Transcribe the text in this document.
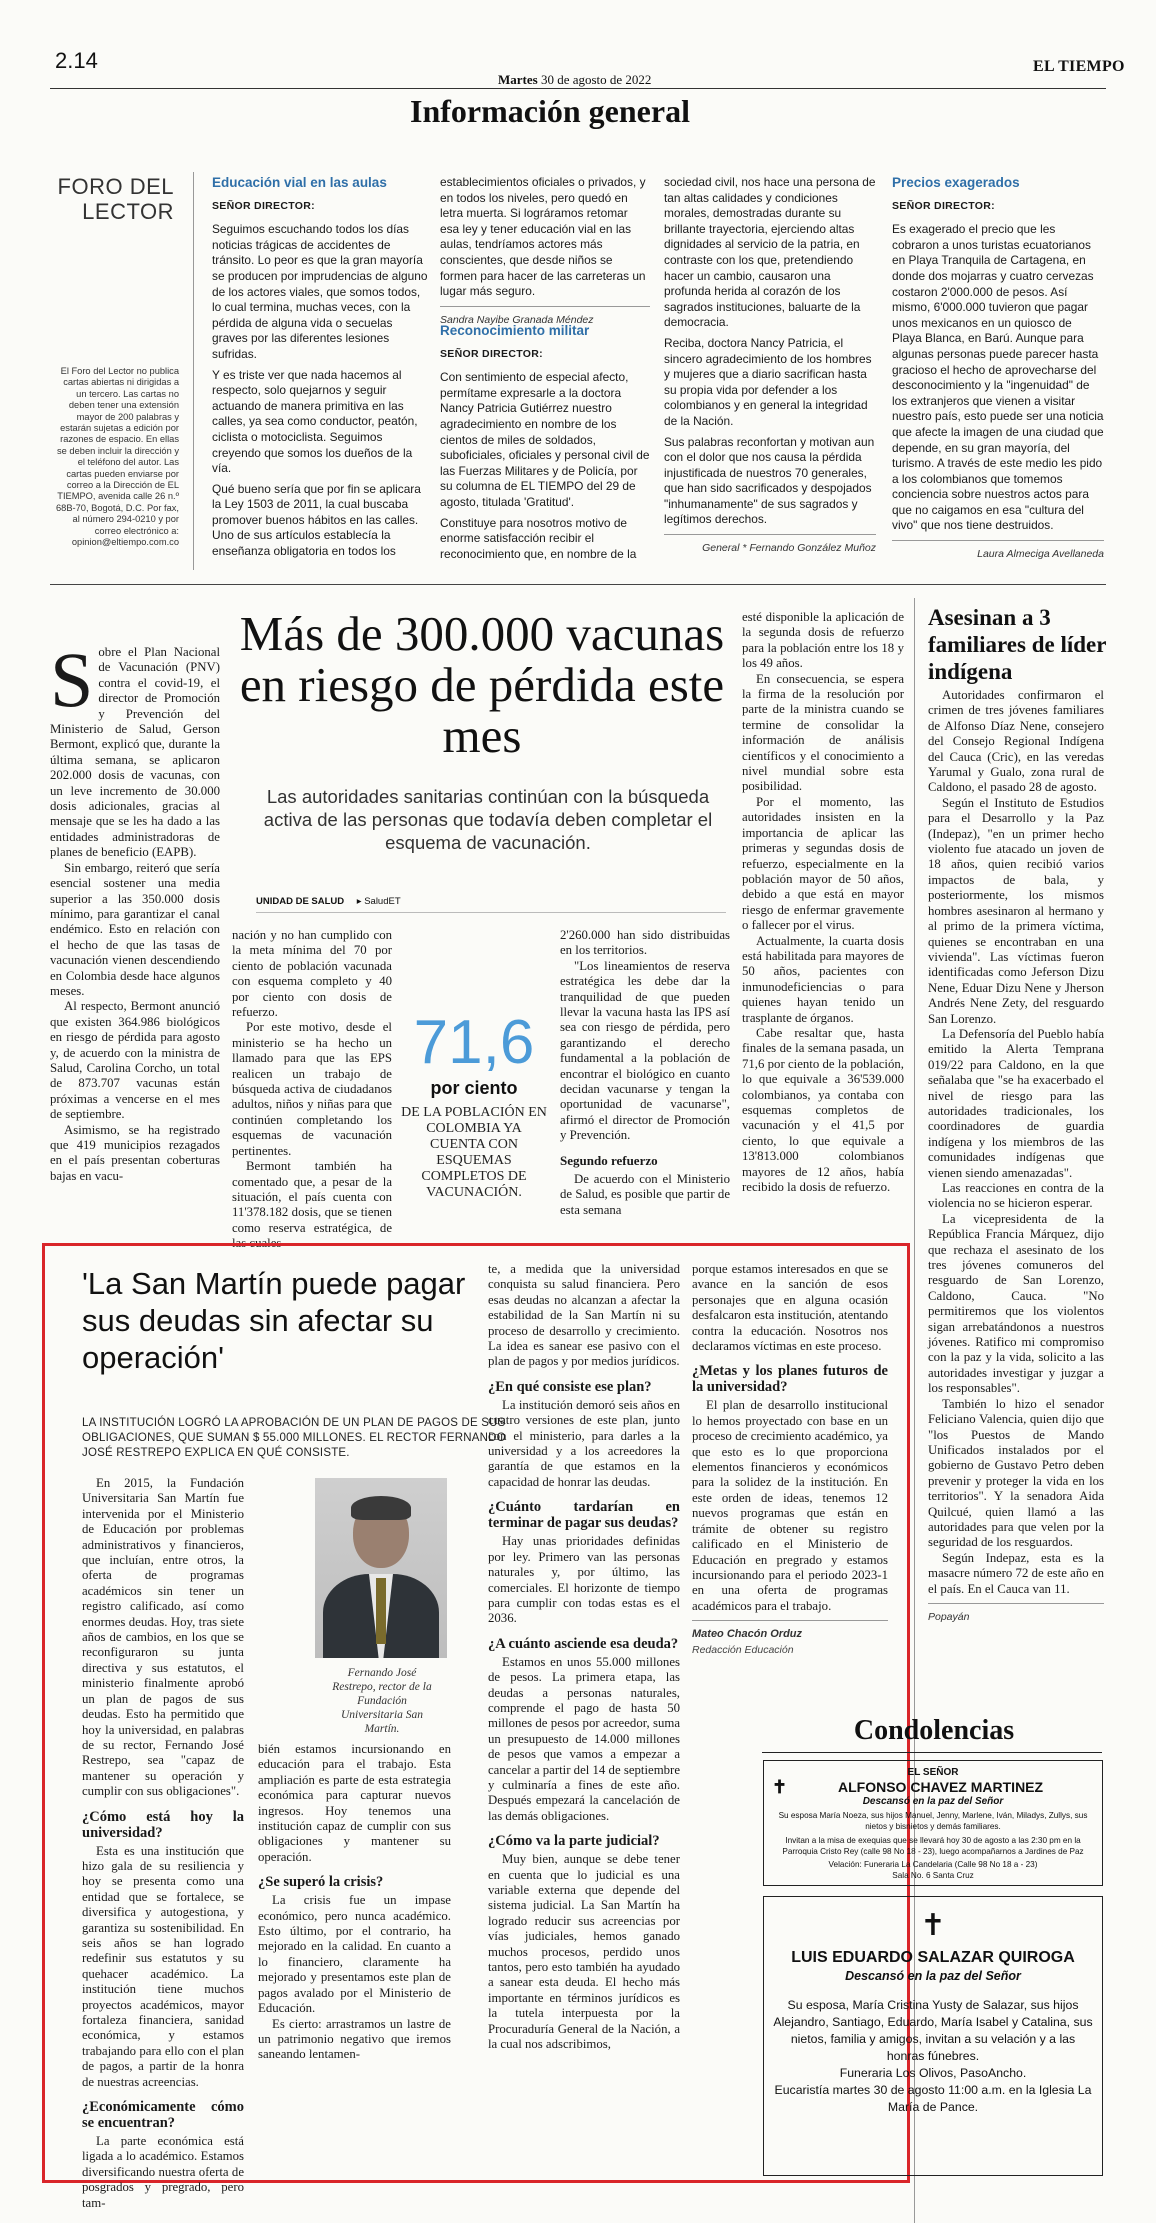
2.14
Martes 30 de agosto de 2022
EL TIEMPO
Información general
FORO DEL
LECTOR
El Foro del Lector no publica cartas abiertas ni dirigidas a un tercero. Las cartas no deben tener una extensión mayor de 200 palabras y estarán sujetas a edición por razones de espacio. En ellas se deben incluir la dirección y el teléfono del autor. Las cartas pueden enviarse por correo a la Dirección de EL TIEMPO, avenida calle 26 n.º 68B-70, Bogotá, D.C. Por fax, al número 294-0210 y por correo electrónico a: opinion@eltiempo.com.co
Educación vial en las aulas
SEÑOR DIRECTOR:

Seguimos escuchando todos los días noticias trágicas de accidentes de tránsito. Lo peor es que la gran mayoría se producen por imprudencias de alguno de los actores viales, que somos todos, lo cual termina, muchas veces, con la pérdida de alguna vida o secuelas graves por las diferentes lesiones sufridas.

Y es triste ver que nada hacemos al respecto, solo quejarnos y seguir actuando de manera primitiva en las calles, ya sea como conductor, peatón, ciclista o motociclista. Seguimos creyendo que somos los dueños de la vía.

Qué bueno sería que por fin se aplicara la Ley 1503 de 2011, la cual buscaba promover buenos hábitos en las calles. Uno de sus artículos establecía la enseñanza obligatoria en todos los

establecimientos oficiales o privados, y en todos los niveles, pero quedó en letra muerta. Si lográramos retomar esa ley y tener educación vial en las aulas, tendríamos actores más conscientes, que desde niños se formen para hacer de las carreteras un lugar más seguro.

Sandra Nayibe Granada Méndez
Reconocimiento militar
SEÑOR DIRECTOR:

Con sentimiento de especial afecto, permítame expresarle a la doctora Nancy Patricia Gutiérrez nuestro agradecimiento en nombre de los cientos de miles de soldados, suboficiales, oficiales y personal civil de las Fuerzas Militares y de Policía, por su columna de EL TIEMPO del 29 de agosto, titulada 'Gratitud'.

Constituye para nosotros motivo de enorme satisfacción recibir el reconocimiento que, en nombre de la

sociedad civil, nos hace una persona de tan altas calidades y condiciones morales, demostradas durante su brillante trayectoria, ejerciendo altas dignidades al servicio de la patria, en contraste con los que, pretendiendo hacer un cambio, causaron una profunda herida al corazón de los sagrados instituciones, baluarte de la democracia.

Reciba, doctora Nancy Patricia, el sincero agradecimiento de los hombres y mujeres que a diario sacrifican hasta su propia vida por defender a los colombianos y en general la integridad de la Nación.

Sus palabras reconfortan y motivan aun con el dolor que nos causa la pérdida injustificada de nuestros 70 generales, que han sido sacrificados y despojados "inhumanamente" de sus sagrados y legítimos derechos.

General * Fernando González Muñoz
Precios exagerados
SEÑOR DIRECTOR:

Es exagerado el precio que les cobraron a unos turistas ecuatorianos en Playa Tranquila de Cartagena, en donde dos mojarras y cuatro cervezas costaron 2'000.000 de pesos. Así mismo, 6'000.000 tuvieron que pagar unos mexicanos en un quiosco de Playa Blanca, en Barú. Aunque para algunas personas puede parecer hasta gracioso el hecho de aprovecharse del desconocimiento y la "ingenuidad" de los extranjeros que vienen a visitar nuestro país, esto puede ser una noticia que afecte la imagen de una ciudad que depende, en su gran mayoría, del turismo. A través de este medio les pido a los colombianos que tomemos conciencia sobre nuestros actos para que no caigamos en esa "cultura del vivo" que nos tiene destruidos.

Laura Almeciga Avellaneda
S obre el Plan Nacional de Vacunación (PNV) contra el covid-19, el director de Promoción y Prevención del Ministerio de Salud, Gerson Bermont, explicó que, durante la última semana, se aplicaron 202.000 dosis de vacunas, con un leve incremento de 30.000 dosis adicionales, gracias al mensaje que se les ha dado a las entidades administradoras de planes de beneficio (EAPB).

Sin embargo, reiteró que sería esencial sostener una media superior a las 350.000 dosis mínimo, para garantizar el canal endémico. Esto en relación con el hecho de que las tasas de vacunación vienen descendiendo en Colombia desde hace algunos meses.

Al respecto, Bermont anunció que existen 364.986 biológicos en riesgo de pérdida para agosto y, de acuerdo con la ministra de Salud, Carolina Corcho, un total de 873.707 vacunas están próximas a vencerse en el mes de septiembre.

Asimismo, se ha registrado que 419 municipios rezagados en el país presentan coberturas bajas en vacu-

Más de 300.000 vacunas en riesgo de pérdida este mes
Las autoridades sanitarias continúan con la búsqueda activa de las personas que todavía deben completar el esquema de vacunación.
UNIDAD DE SALUD ▸ SaludET

nación y no han cumplido con la meta mínima del 70 por ciento de población vacunada con esquema completo y 40 por ciento con dosis de refuerzo.

Por este motivo, desde el ministerio se ha hecho un llamado para que las EPS realicen un trabajo de búsqueda activa de ciudadanos adultos, niños y niñas para que continúen completando los esquemas de vacunación pertinentes.

Bermont también ha comentado que, a pesar de la situación, el país cuenta con 11'378.182 dosis, que se tienen como reserva estratégica, de las cuales

71,6
por ciento
DE LA POBLACIÓN EN COLOMBIA YA CUENTA CON ESQUEMAS COMPLETOS DE VACUNACIÓN.

2'260.000 han sido distribuidas en los territorios.

"Los lineamientos de reserva estratégica les debe dar la tranquilidad de que pueden llevar la vacuna hasta las IPS así sea con riesgo de pérdida, pero garantizando el derecho fundamental a la población de encontrar el biológico en cuanto decidan vacunarse y tengan la oportunidad de vacunarse", afirmó el director de Promoción y Prevención.

Segundo refuerzo

De acuerdo con el Ministerio de Salud, es posible que partir de esta semana

esté disponible la aplicación de la segunda dosis de refuerzo para la población entre los 18 y los 49 años.

En consecuencia, se espera la firma de la resolución por parte de la ministra cuando se termine de consolidar la información de análisis científicos y el conocimiento a nivel mundial sobre esta posibilidad.

Por el momento, las autoridades insisten en la importancia de aplicar las primeras y segundas dosis de refuerzo, especialmente en la población mayor de 50 años, debido a que está en mayor riesgo de enfermar gravemente o fallecer por el virus.

Actualmente, la cuarta dosis está habilitada para mayores de 50 años, pacientes con inmunodeficiencias o para quienes hayan tenido un trasplante de órganos.

Cabe resaltar que, hasta finales de la semana pasada, un 71,6 por ciento de la población, lo que equivale a 36'539.000 colombianos, ya contaba con esquemas completos de vacunación y el 41,5 por ciento, lo que equivale a 13'813.000 colombianos mayores de 12 años, había recibido la dosis de refuerzo.

Asesinan a 3 familiares de líder indígena

Autoridades confirmaron el crimen de tres jóvenes familiares de Alfonso Díaz Nene, consejero del Consejo Regional Indígena del Cauca (Cric), en las veredas Yarumal y Gualo, zona rural de Caldono, el pasado 28 de agosto.

Según el Instituto de Estudios para el Desarrollo y la Paz (Indepaz), "en un primer hecho violento fue atacado un joven de 18 años, quien recibió varios impactos de bala, y posteriormente, los mismos hombres asesinaron al hermano y al primo de la primera víctima, quienes se encontraban en una vivienda". Las víctimas fueron identificadas como Jeferson Dizu Nene, Eduar Dizu Nene y Jherson Andrés Nene Zety, del resguardo San Lorenzo.

La Defensoría del Pueblo había emitido la Alerta Temprana 019/22 para Caldono, en la que señalaba que "se ha exacerbado el nivel de riesgo para las autoridades tradicionales, los coordinadores de guardia indígena y los miembros de las comunidades indígenas que vienen siendo amenazadas".

Las reacciones en contra de la violencia no se hicieron esperar.

La vicepresidenta de la República Francia Márquez, dijo que rechaza el asesinato de los tres jóvenes comuneros del resguardo de San Lorenzo, Caldono, Cauca. "No permitiremos que los violentos sigan arrebatándonos a nuestros jóvenes. Ratifico mi compromiso con la paz y la vida, solicito a las autoridades investigar y juzgar a los responsables".

También lo hizo el senador Feliciano Valencia, quien dijo que "los Puestos de Mando Unificados instalados por el gobierno de Gustavo Petro deben prevenir y proteger la vida en los territorios". Y la senadora Aida Quilcué, quien llamó a las autoridades para que velen por la seguridad de los resguardos.

Según Indepaz, esta es la masacre número 72 de este año en el país. En el Cauca van 11.

Popayán
'La San Martín puede pagar sus deudas sin afectar su operación'
LA INSTITUCIÓN LOGRÓ LA APROBACIÓN DE UN PLAN DE PAGOS DE SUS OBLIGACIONES, QUE SUMAN $ 55.000 MILLONES. EL RECTOR FERNANDO JOSÉ RESTREPO EXPLICA EN QUÉ CONSISTE.

En 2015, la Fundación Universitaria San Martín fue intervenida por el Ministerio de Educación por problemas administrativos y financieros, que incluían, entre otros, la oferta de programas académicos sin tener un registro calificado, así como enormes deudas. Hoy, tras siete años de cambios, en los que se reconfiguraron su junta directiva y sus estatutos, el ministerio finalmente aprobó un plan de pagos de sus deudas. Esto ha permitido que hoy la universidad, en palabras de su rector, Fernando José Restrepo, sea "capaz de mantener su operación y cumplir con sus obligaciones".

¿Cómo está hoy la universidad?

Esta es una institución que hizo gala de su resiliencia y hoy se presenta como una entidad que se fortalece, se diversifica y autogestiona, y garantiza su sostenibilidad. En seis años se han logrado redefinir sus estatutos y su quehacer académico. La institución tiene muchos proyectos académicos, mayor fortaleza financiera, sanidad económica, y estamos trabajando para ello con el plan de pagos, a partir de la honra de nuestras acreencias.

¿Económicamente cómo se encuentran?

La parte económica está ligada a lo académico. Estamos diversificando nuestra oferta de posgrados y pregrado, pero tam-

Fernando José Restrepo, rector de la Fundación Universitaria San Martín.

bién estamos incursionando en educación para el trabajo. Esta ampliación es parte de esta estrategia económica para capturar nuevos ingresos. Hoy tenemos una institución capaz de cumplir con sus obligaciones y mantener su operación.

¿Se superó la crisis?

La crisis fue un impase económico, pero nunca académico. Esto último, por el contrario, ha mejorado en la calidad. En cuanto a lo financiero, claramente ha mejorado y presentamos este plan de pagos avalado por el Ministerio de Educación.

Es cierto: arrastramos un lastre de un patrimonio negativo que iremos saneando lentamen-

te, a medida que la universidad conquista su salud financiera. Pero esas deudas no alcanzan a afectar la estabilidad de la San Martín ni su proceso de desarrollo y crecimiento. La idea es sanear ese pasivo con el plan de pagos y por medios jurídicos.

¿En qué consiste ese plan?

La institución demoró seis años en cuatro versiones de este plan, junto con el ministerio, para darles a la universidad y a los acreedores la garantía de que estamos en la capacidad de honrar las deudas.

¿Cuánto tardarían en terminar de pagar sus deudas?

Hay unas prioridades definidas por ley. Primero van las personas naturales y, por último, las comerciales. El horizonte de tiempo para cumplir con todas estas es el 2036.

¿A cuánto asciende esa deuda?

Estamos en unos 55.000 millones de pesos. La primera etapa, las deudas a personas naturales, comprende el pago de hasta 50 millones de pesos por acreedor, suma un presupuesto de 14.000 millones de pesos que vamos a empezar a cancelar a partir del 14 de septiembre y culminaría a fines de este año. Después empezará la cancelación de las demás obligaciones.

¿Cómo va la parte judicial?

Muy bien, aunque se debe tener en cuenta que lo judicial es una variable externa que depende del sistema judicial. La San Martín ha logrado reducir sus acreencias por vías judiciales, hemos ganado muchos procesos, perdido unos tantos, pero esto también ha ayudado a sanear esta deuda. El hecho más importante en términos jurídicos es la tutela interpuesta por la Procuraduría General de la Nación, a la cual nos adscribimos,

porque estamos interesados en que se avance en la sanción de esos personajes que en alguna ocasión desfalcaron esta institución, atentando contra la educación. Nosotros nos declaramos víctimas en este proceso.

¿Metas y los planes futuros de la universidad?

El plan de desarrollo institucional lo hemos proyectado con base en un proceso de crecimiento académico, ya que esto es lo que proporciona elementos financieros y económicos para la solidez de la institución. En este orden de ideas, tenemos 12 nuevos programas que están en trámite de obtener su registro calificado en el Ministerio de Educación en pregrado y estamos incursionando para el periodo 2023-1 en una oferta de programas académicos para el trabajo.

Mateo Chacón Orduz
Redacción Educación
Condolencias
EL SEÑOR
✝	ALFONSO CHAVEZ MARTINEZ
Descansó en la paz del Señor
Su esposa María Noeza, sus hijos Manuel, Jenny, Marlene, Iván, Miladys, Zullys, sus nietos y bisnietos y demás familiares.
Invitan a la misa de exequias que se llevará hoy 30 de agosto a las 2:30 pm en la Parroquia Cristo Rey (calle 98 No 18 - 23), luego acompañarnos a Jardines de Paz
Velación: Funeraria La Candelaria (Calle 98 No 18 a - 23)
Sala No. 6 Santa Cruz
✝
LUIS EDUARDO SALAZAR QUIROGA
Descansó en la paz del Señor
Su esposa, María Cristina Yusty de Salazar, sus hijos Alejandro, Santiago, Eduardo, María Isabel y Catalina, sus nietos, familia y amigos, invitan a su velación y a las honras fúnebres.
Funeraria Los Olivos, PasoAncho.
Eucaristía martes 30 de agosto 11:00 a.m. en la Iglesia La María de Pance.
